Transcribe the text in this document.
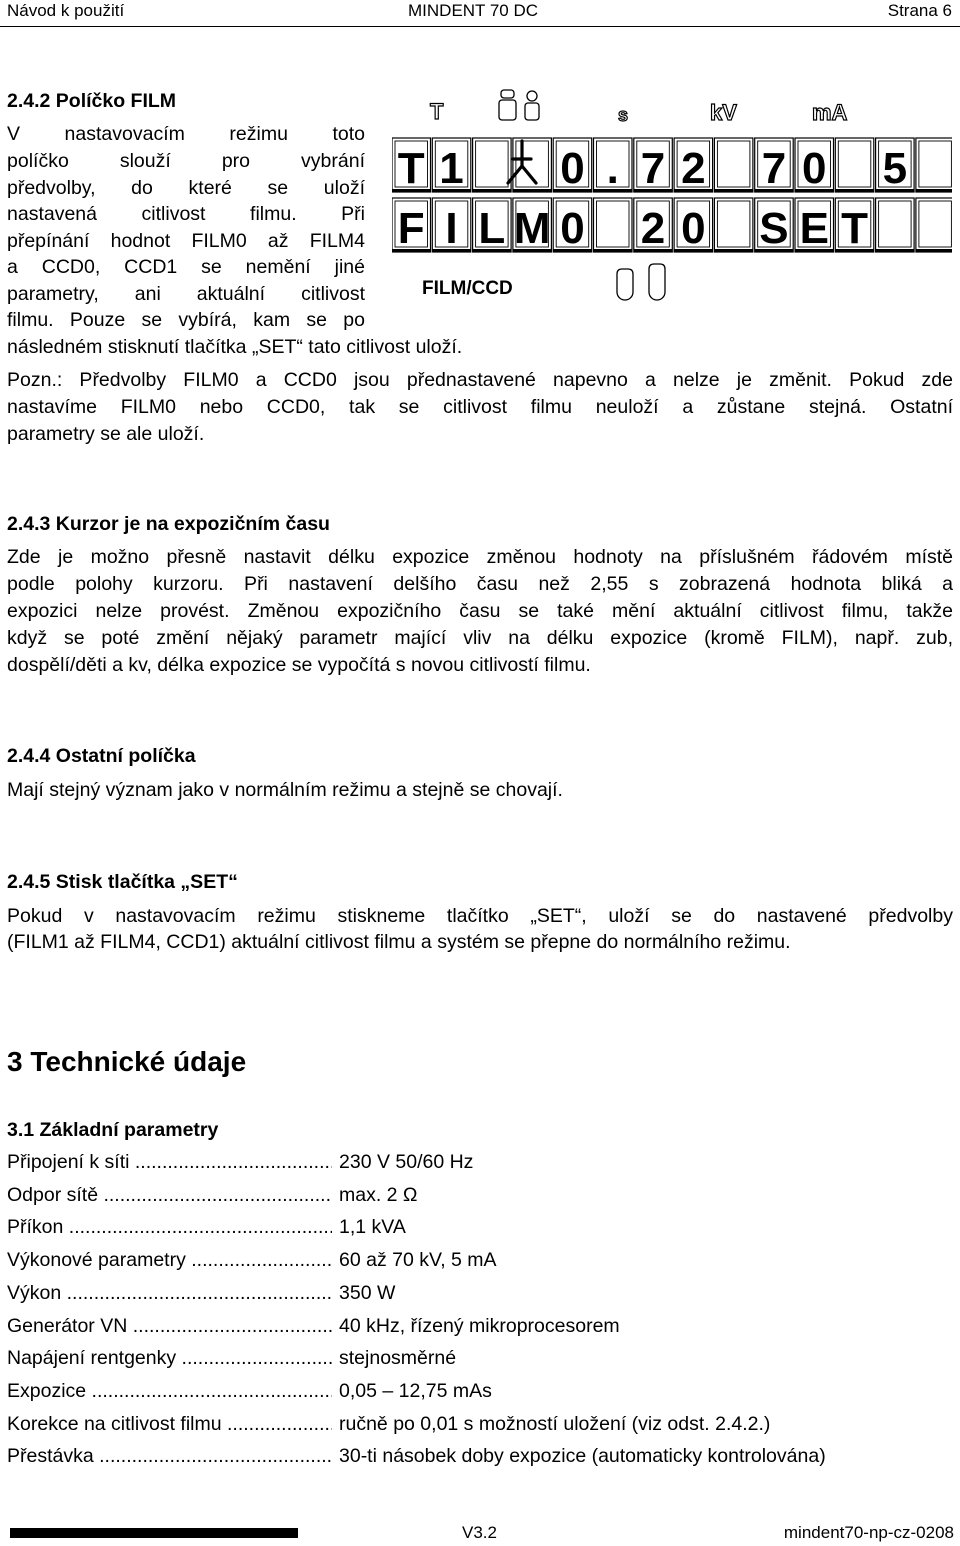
Návod k použití	MINDENT 70 DC	Strana 6
2.4.2 Políčko FILM
V nastavovacím režimu toto
políčko slouží pro vybrání
předvolby, do které se uloží
nastavená citlivost filmu. Při
přepínání hodnot FILM0 až FILM4
a CCD0, CCD1 se nemění jiné
parametry, ani aktuální citlivost
filmu. Pouze se vybírá, kam se po
následném stisknutí tlačítka „SET“ tato citlivost uloží.
T	s	kV	mA
T 1 0 . 7 2 7 0 5
F I L M 0 2 0 S E T
FILM/CCD
Pozn.: Předvolby FILM0 a CCD0 jsou přednastavené napevno a nelze je změnit. Pokud zde
nastavíme FILM0 nebo CCD0, tak se citlivost filmu neuloží a zůstane stejná. Ostatní
parametry se ale uloží.
2.4.3 Kurzor je na expozičním času
Zde je možno přesně nastavit délku expozice změnou hodnoty na příslušném řádovém místě
podle polohy kurzoru. Při nastavení delšího času než 2,55 s zobrazená hodnota bliká a
expozici nelze provést. Změnou expozičního času se také mění aktuální citlivost filmu, takže
když se poté změní nějaký parametr mající vliv na délku expozice (kromě FILM), např. zub,
dospělí/děti a kv, délka expozice se vypočítá s novou citlivostí filmu.
2.4.4 Ostatní políčka
Mají stejný význam jako v normálním režimu a stejně se chovají.
2.4.5 Stisk tlačítka „SET“
Pokud v nastavovacím režimu stiskneme tlačítko „SET“, uloží se do nastavené předvolby
(FILM1 až FILM4, CCD1) aktuální citlivost filmu a systém se přepne do normálního režimu.
3 Technické údaje
3.1 Základní parametry
Připojení k síti .....	230 V 50/60 Hz
Odpor sítě .....	max. 2 Ω
Příkon .....	1,1 kVA
Výkonové parametry .....	60 až 70 kV, 5 mA
Výkon .....	350 W
Generátor VN .....	40 kHz, řízený mikroprocesorem
Napájení rentgenky .....	stejnosměrné
Expozice .....	0,05 – 12,75 mAs
Korekce na citlivost filmu .....	ručně po 0,01 s možností uložení (viz odst. 2.4.2.)
Přestávka .....	30-ti násobek doby expozice (automaticky kontrolována)
V3.2	mindent70-np-cz-0208
